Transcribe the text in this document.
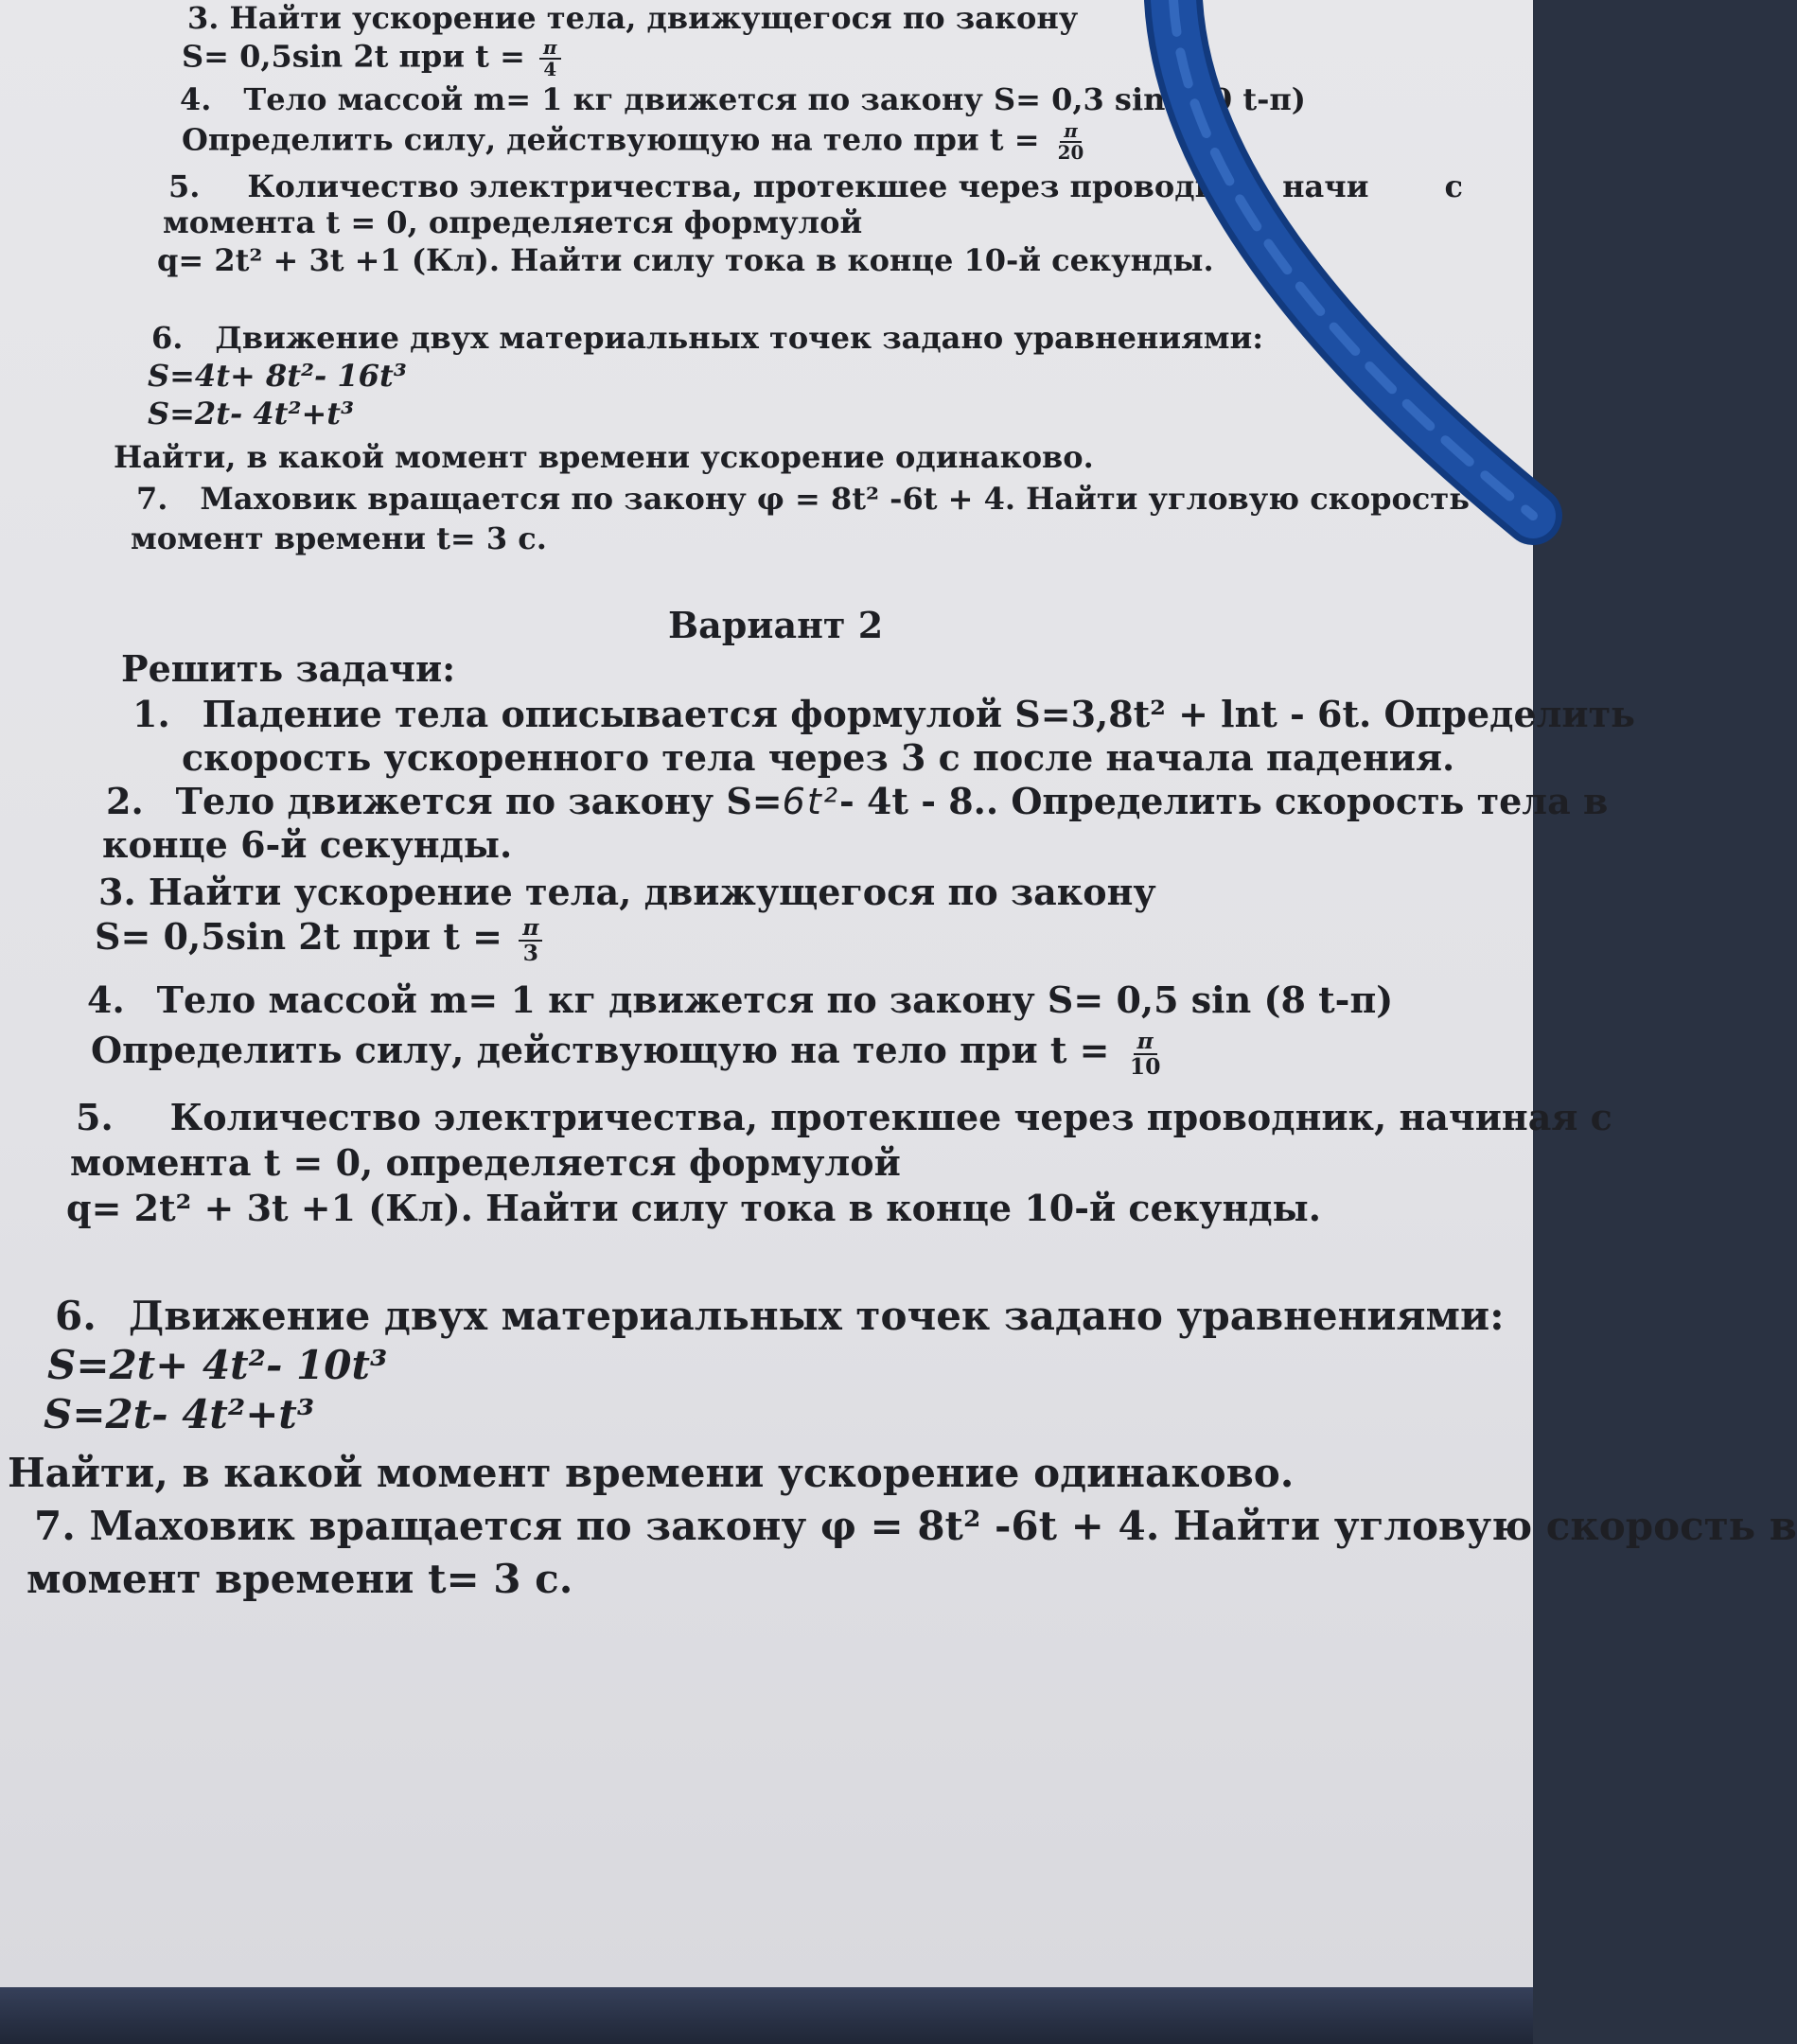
3. Найти ускорение тела, движущегося по закону
S= 0,5sin 2t при $t = \frac{\pi}{4}$
4. Тело массой m= 1 кг движется по закону S= 0,3 sin (10 t-π)
Определить силу, действующую на тело при $t = \frac{\pi}{20}$
5. Количество электричества, протекшее через проводник, начи	с
момента t = 0, определяется формулой
q= 2t² + 3t +1 (Кл). Найти силу тока в конце 10-й секунды.
6. Движение двух материальных точек задано уравнениями:
S=4t+ 8t²- 16t³
S=2t- 4t²+t³
Найти, в какой момент времени ускорение одинаково.
7. Маховик вращается по закону φ = 8t² -6t + 4. Найти угловую скорость в
момент времени t= 3 с.
Вариант 2
Решить задачи:
1. Падение тела описывается формулой S=3,8t² + lnt - 6t. Определить
скорость ускоренного тела через 3 с после начала падения.
2. Тело движется по закону S=6t²- 4t - 8.. Определить скорость тела в
конце 6-й секунды.
3. Найти ускорение тела, движущегося по закону
S= 0,5sin 2t при $t = \frac{\pi}{3}$
4. Тело массой m= 1 кг движется по закону S= 0,5 sin (8 t-π)
Определить силу, действующую на тело при $t = \frac{\pi}{10}$
5. Количество электричества, протекшее через проводник, начиная с
момента t = 0, определяется формулой
q= 2t² + 3t +1 (Кл). Найти силу тока в конце 10-й секунды.
6. Движение двух материальных точек задано уравнениями:
S=2t+ 4t²- 10t³
S=2t- 4t²+t³
Найти, в какой момент времени ускорение одинаково.
7. Маховик вращается по закону φ = 8t² -6t + 4. Найти угловую скорость в
момент времени t= 3 с.
